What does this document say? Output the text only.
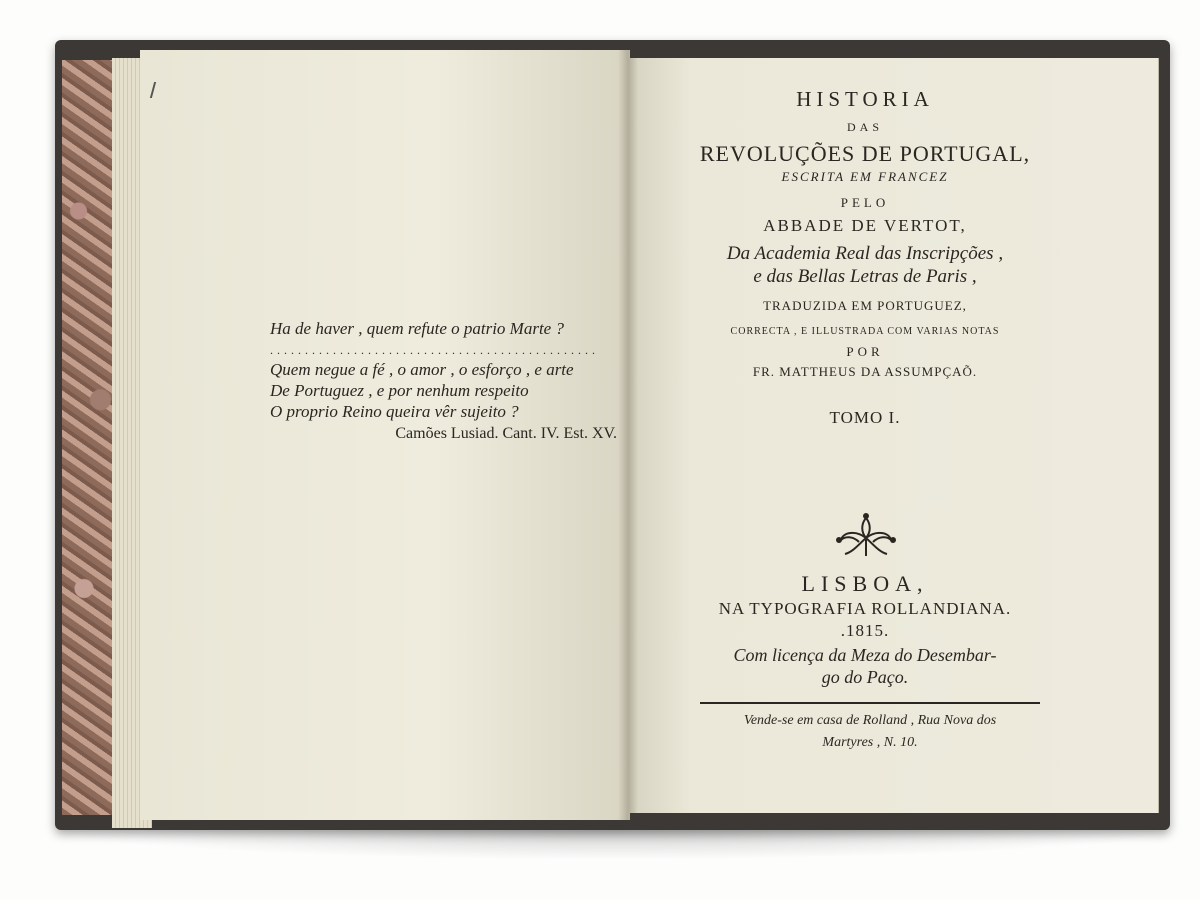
Ha de haver , quem refute o patrio Marte ?
...............................................
Quem negue a fé , o amor , o esforço , e arte
De Portuguez , e por nenhum respeito
O proprio Reino queira vêr sujeito ?
Camões Lusiad. Cant. IV. Est. XV.
HISTORIA
DAS
REVOLUÇÕES DE PORTUGAL,
ESCRITA EM FRANCEZ
PELO
ABBADE DE VERTOT,
Da Academia Real das Inscripções ,
e das Bellas Letras de Paris ,
TRADUZIDA EM PORTUGUEZ,
CORRECTA , E ILLUSTRADA COM VARIAS NOTAS
POR
FR. MATTHEUS DA ASSUMPÇAÕ.
TOMO I.
LISBOA,
NA TYPOGRAFIA ROLLANDIANA.
.1815.
Com licença da Meza do Desembar-
go do Paço.
Vende-se em casa de Rolland , Rua Nova dos
Martyres , N. 10.
